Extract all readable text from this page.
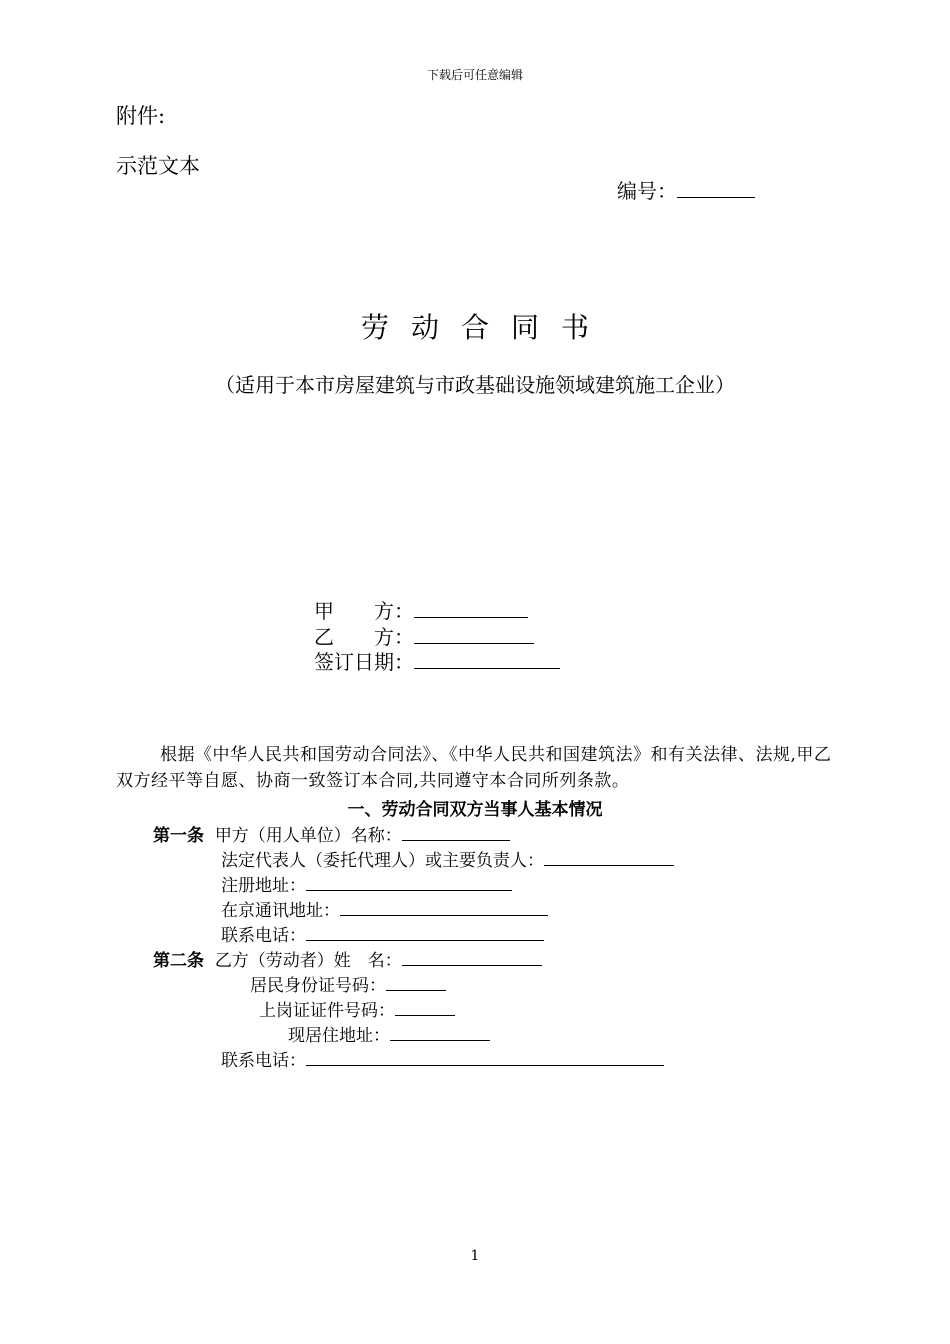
下载后可任意编辑
附件:
示范文本
编号：
劳动合同书
（适用于本市房屋建筑与市政基础设施领域建筑施工企业）
甲　　方：
乙　　方：
签订日期：
根据《中华人民共和国劳动合同法》、《中华人民共和国建筑法》和有关法律、法规,甲乙双方经平等自愿、协商一致签订本合同,共同遵守本合同所列条款。
一、劳动合同双方当事人基本情况
第一条 甲方（用人单位）名称：
法定代表人（委托代理人）或主要负责人：
注册地址：
在京通讯地址：
联系电话：
第二条 乙方（劳动者）姓　名：
居民身份证号码：
上岗证证件号码：
现居住地址：
联系电话：
1
